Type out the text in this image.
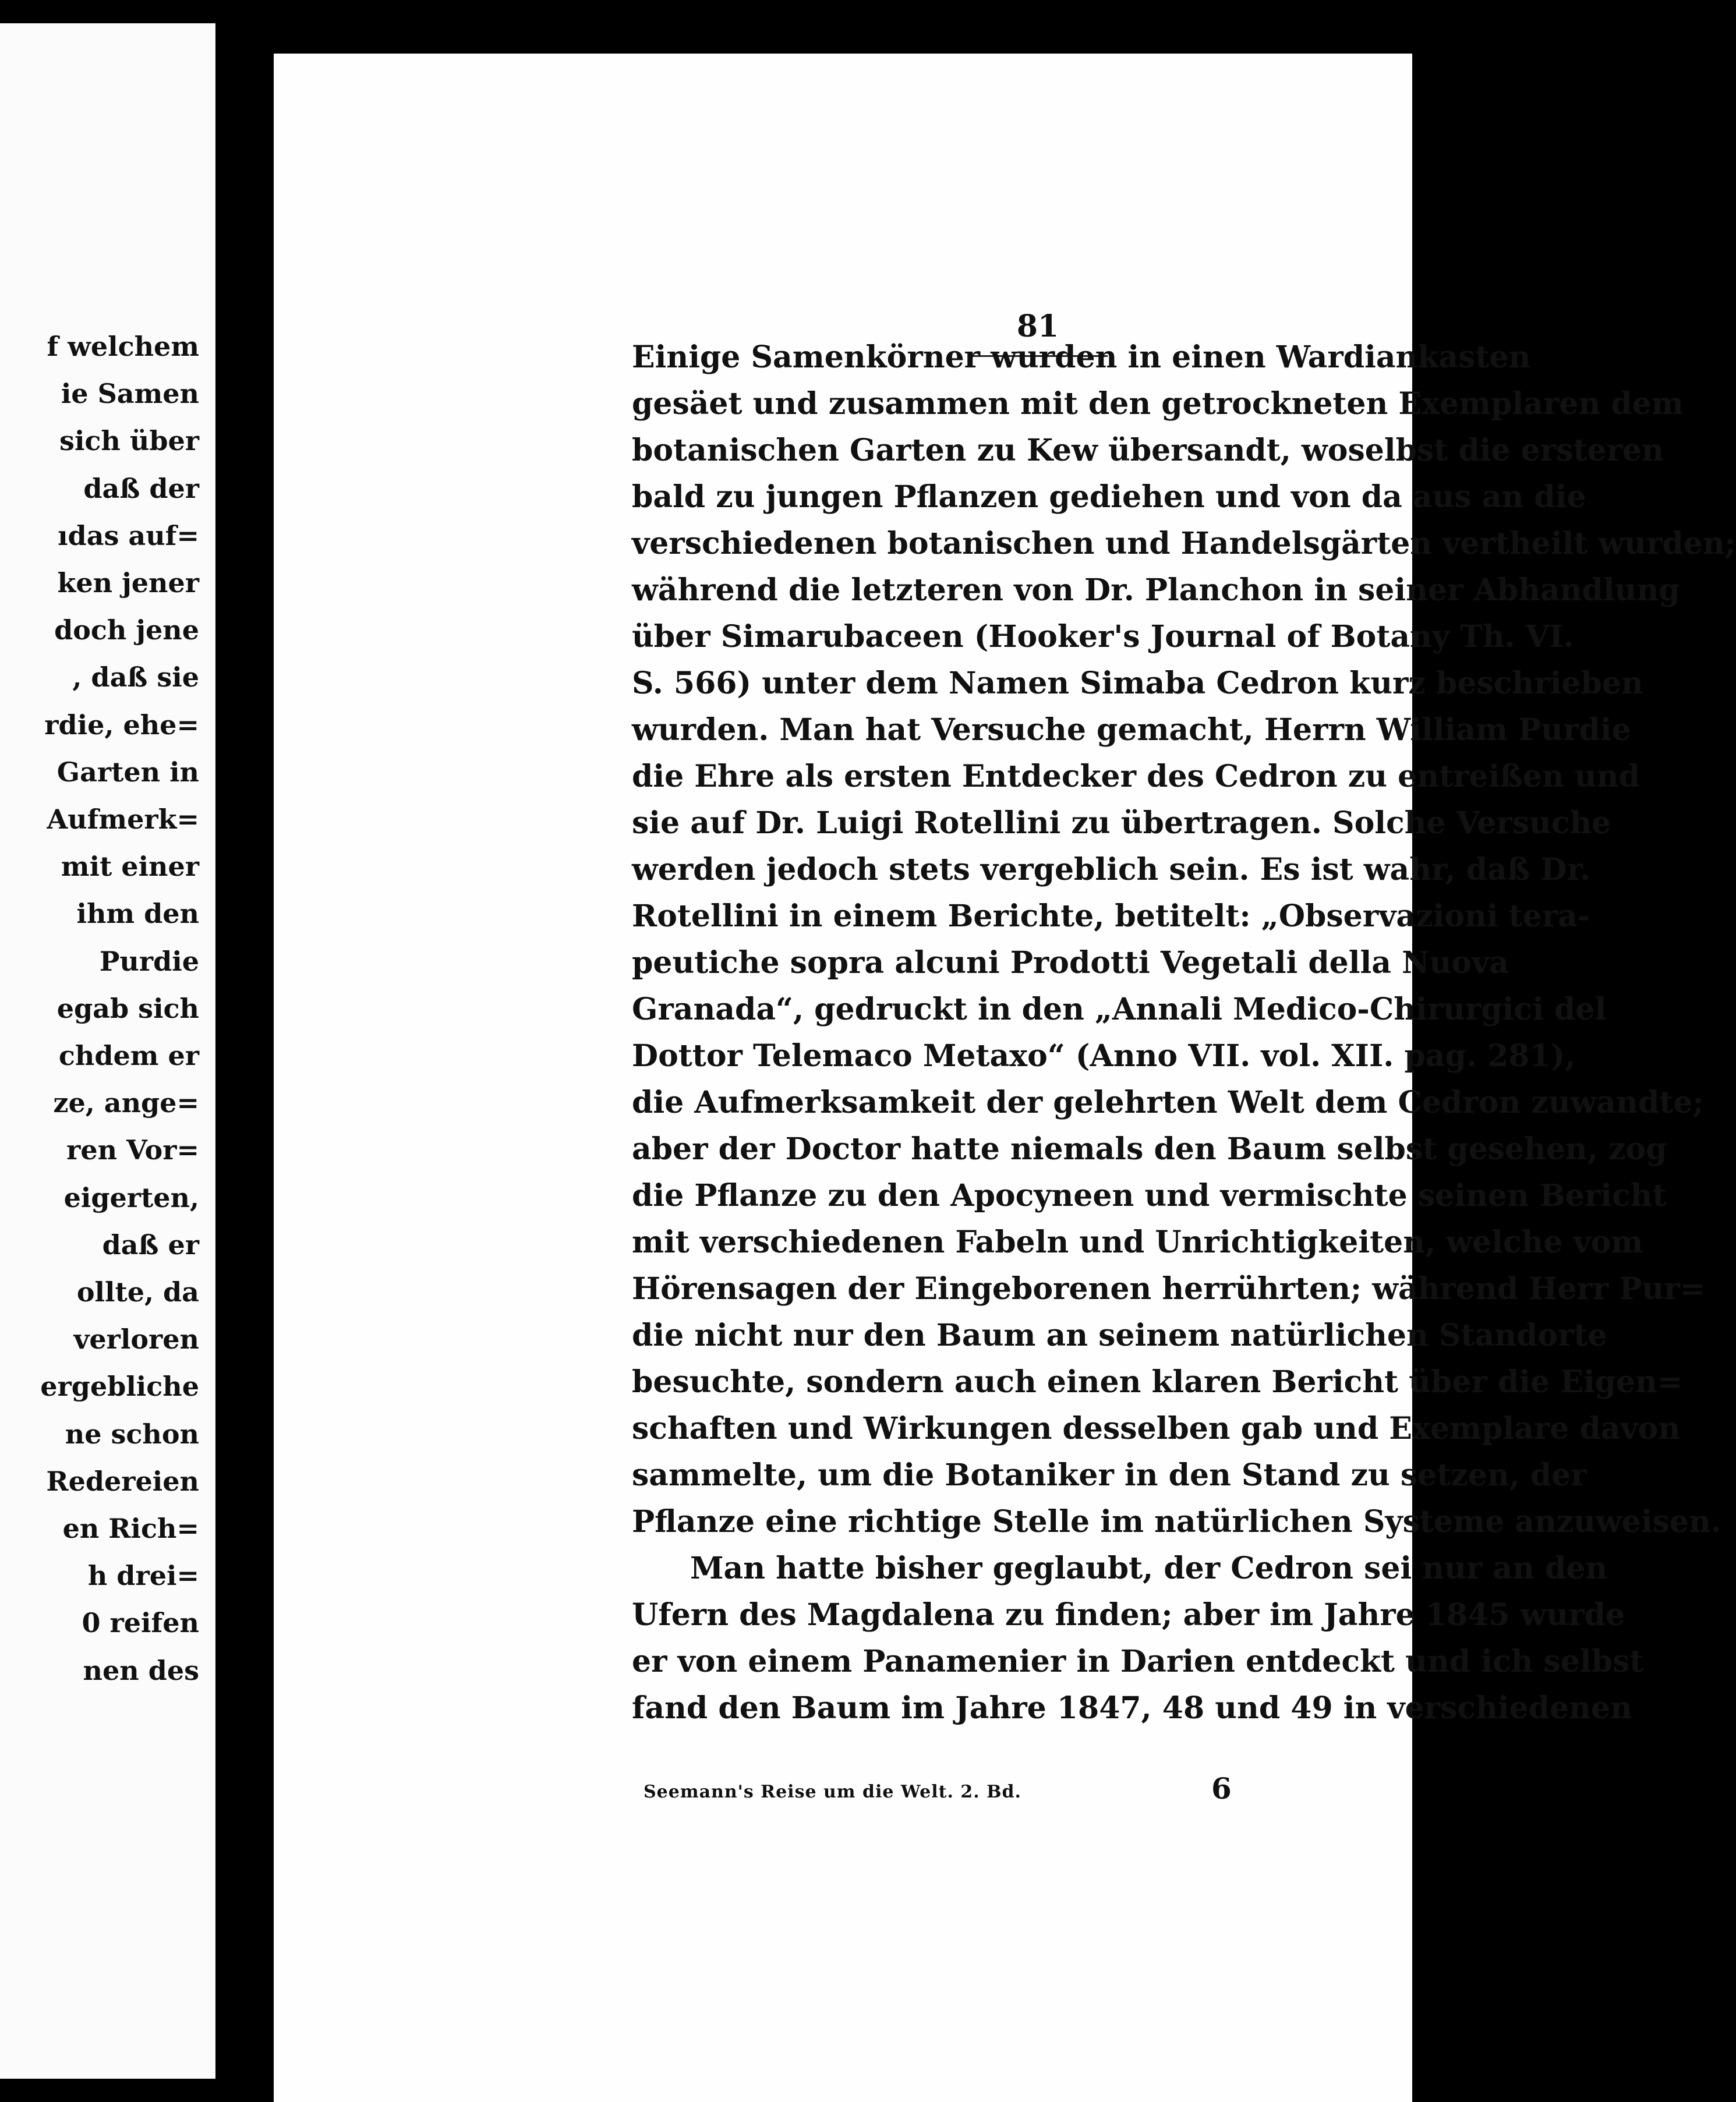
f welchem
ie Samen
sich über
daß der
ıdas auf=
ken jener
doch jene
, daß sie
rdie, ehe=
Garten in
Aufmerk=
mit einer
ihm den
Purdie
egab sich
chdem er
ze, ange=
ren Vor=
eigerten,
daß er
ollte, da
verloren
ergebliche
ne schon
Redereien
en Rich=
h drei=
0 reifen
nen des
81
Einige Samenkörner wurden in einen Wardiankasten
gesäet und zusammen mit den getrockneten Exemplaren dem
botanischen Garten zu Kew übersandt, woselbst die ersteren
bald zu jungen Pflanzen gediehen und von da aus an die
verschiedenen botanischen und Handelsgärten vertheilt wurden;
während die letzteren von Dr. Planchon in seiner Abhandlung
über Simarubaceen (Hooker's Journal of Botany Th. VI.
S. 566) unter dem Namen Simaba Cedron kurz beschrieben
wurden. Man hat Versuche gemacht, Herrn William Purdie
die Ehre als ersten Entdecker des Cedron zu entreißen und
sie auf Dr. Luigi Rotellini zu übertragen. Solche Versuche
werden jedoch stets vergeblich sein. Es ist wahr, daß Dr.
Rotellini in einem Berichte, betitelt: „Observazioni tera-
peutiche sopra alcuni Prodotti Vegetali della Nuova
Granada“, gedruckt in den „Annali Medico-Chirurgici del
Dottor Telemaco Metaxo“ (Anno VII. vol. XII. pag. 281),
die Aufmerksamkeit der gelehrten Welt dem Cedron zuwandte;
aber der Doctor hatte niemals den Baum selbst gesehen, zog
die Pflanze zu den Apocyneen und vermischte seinen Bericht
mit verschiedenen Fabeln und Unrichtigkeiten, welche vom
Hörensagen der Eingeborenen herrührten; während Herr Pur=
die nicht nur den Baum an seinem natürlichen Standorte
besuchte, sondern auch einen klaren Bericht über die Eigen=
schaften und Wirkungen desselben gab und Exemplare davon
sammelte, um die Botaniker in den Stand zu setzen, der
Pflanze eine richtige Stelle im natürlichen Systeme anzuweisen.
Man hatte bisher geglaubt, der Cedron sei nur an den
Ufern des Magdalena zu finden; aber im Jahre 1845 wurde
er von einem Panamenier in Darien entdeckt und ich selbst
fand den Baum im Jahre 1847, 48 und 49 in verschiedenen
Seemann's Reise um die Welt. 2. Bd.	6
